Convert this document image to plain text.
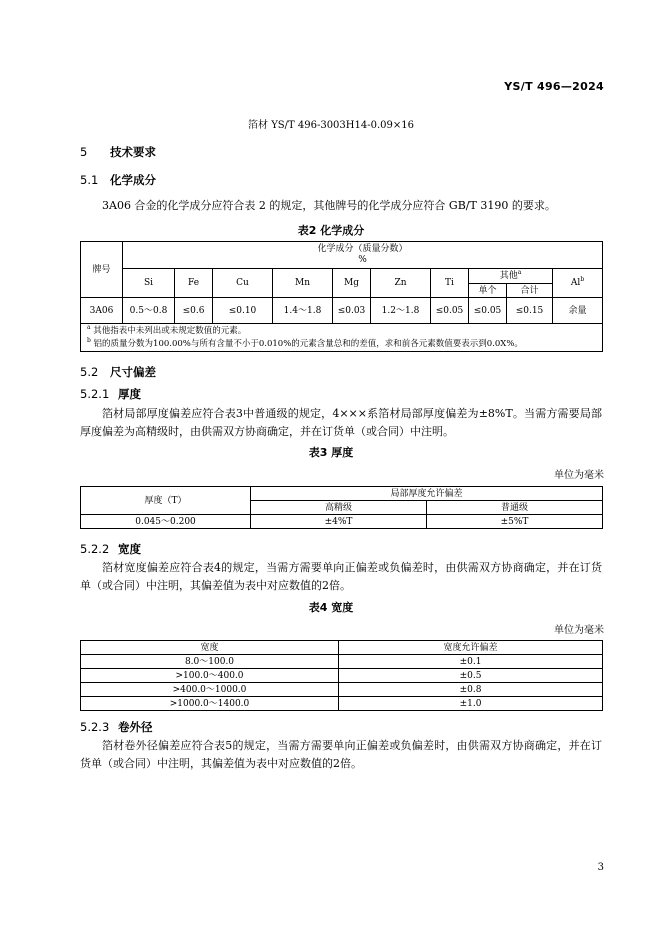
YS/T 496—2024
箔材 YS/T 496-3003H14-0.09×16
5 技术要求
5.1 化学成分
3A06 合金的化学成分应符合表 2 的规定，其他牌号的化学成分应符合 GB/T 3190 的要求。
表2 化学成分
牌号	化学成分（质量分数）
%									
	Si	Fe	Cu	Mn	Mg	Zn	Ti	其他$^a$		Al$^b$
								单个	合计	
3A06	0.5～0.8	≤0.6	≤0.10	1.4～1.8	≤0.03	1.2～1.8	≤0.05	≤0.05	≤0.15	余量

$^a$ 其他指表中未列出或未规定数值的元素。
$^b$ 铝的质量分数为100.00%与所有含量不小于0.010%的元素含量总和的差值，求和前各元素数值要表示到0.0X%。										
5.2 尺寸偏差
5.2.1 厚度
箔材局部厚度偏差应符合表3中普通级的规定，4×××系箔材局部厚度偏差为±8%T。当需方需要局部厚度偏差为高精级时，由供需双方协商确定，并在订货单（或合同）中注明。
表3 厚度
单位为毫米
厚度（T）	局部厚度允许偏差	
	高精级	普通级
0.045～0.200	±4%T	±5%T
5.2.2 宽度
箔材宽度偏差应符合表4的规定，当需方需要单向正偏差或负偏差时，由供需双方协商确定，并在订货单（或合同）中注明，其偏差值为表中对应数值的2倍。
表4 宽度
单位为毫米
宽度	宽度允许偏差
8.0～100.0	±0.1
>100.0～400.0	±0.5
>400.0～1000.0	±0.8
>1000.0～1400.0	±1.0
5.2.3 卷外径
箔材卷外径偏差应符合表5的规定，当需方需要单向正偏差或负偏差时，由供需双方协商确定，并在订货单（或合同）中注明，其偏差值为表中对应数值的2倍。
3
